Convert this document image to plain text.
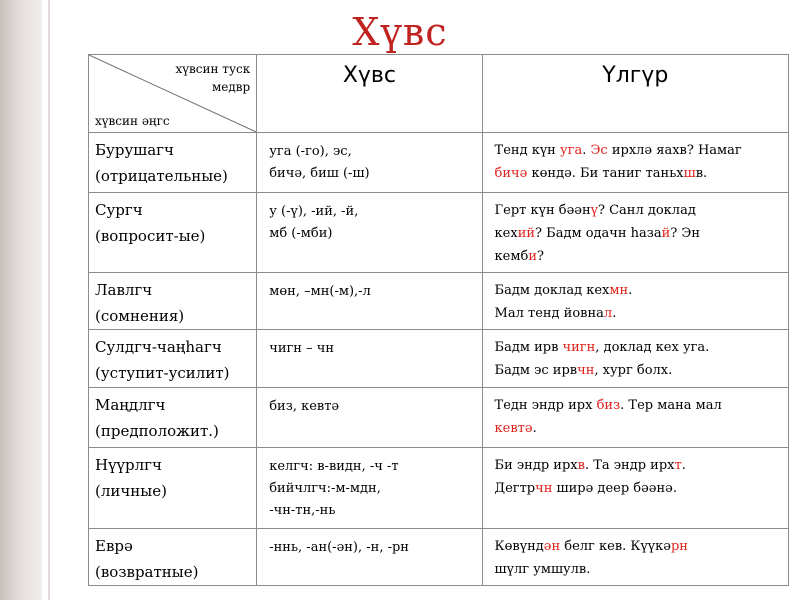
Хүвс
хүвсин туск
медвр
хүвсин әңгс	Хүвс	Үлгүр

Бурушагч
(отрицательные)	уга (-го), эс,
бичә, биш (-ш)	Тенд күн уга. Эс ирхлә яахв? Намаг
бичә көндә. Би таниг таньхшв.

Сургч
(вопросит-ые)	у (-ү), -ий, -й,
мб (-мби)	Герт күн бәәнү? Санл доклад
кехий? Бадм одачн һазай? Эн
кемби?

Лавлгч
(сомнения)	мөн, –мн(-м),-л	Бадм доклад кехмн.
Мал тенд йовнал.

Сулдгч-чаңһагч
(уступит-усилит)	чигн – чн	Бадм ирв чигн, доклад кех уга.
Бадм эс ирвчн, хург болх.

Маңдлгч
(предположит.)	биз, кевтә	Тедн эндр ирх биз. Тер мана мал
кевтә.

Нүүрлгч
(личные)	келгч: в-видн, -ч -т
бийчлгч:-м-мдн,
-чн-тн,-нь	Би эндр ирхв. Та эндр ирхт.
Дегтрчн ширә деер бәәнә.

Еврә
(возвратные)	-ннь, -ан(-ән), -н, -рн	Көвүндән белг кев. Күүкәрн
шүлг умшулв.
